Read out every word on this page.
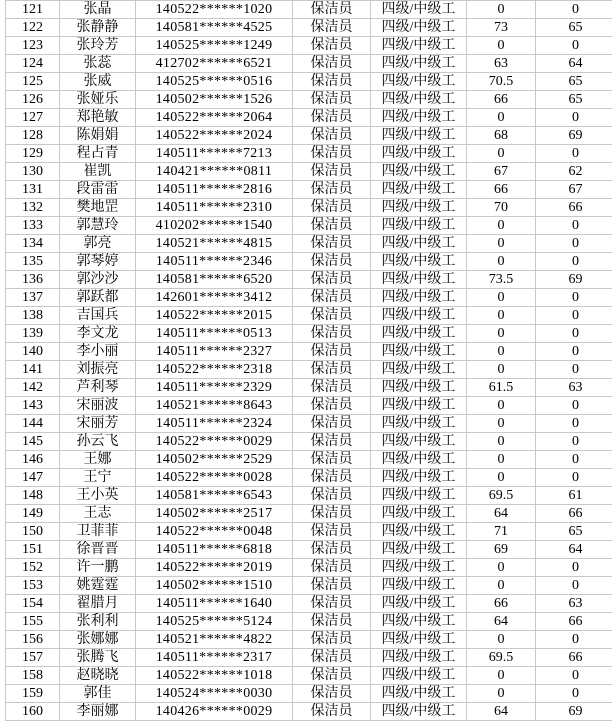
121	张晶	140522******1020	保洁员	四级/中级工	0	0
122	张静静	140581******4525	保洁员	四级/中级工	73	65
123	张玲芳	140525******1249	保洁员	四级/中级工	0	0
124	张蕊	412702******6521	保洁员	四级/中级工	63	64
125	张威	140525******0516	保洁员	四级/中级工	70.5	65
126	张娅乐	140502******1526	保洁员	四级/中级工	66	65
127	郑艳敏	140522******2064	保洁员	四级/中级工	0	0
128	陈娟娟	140522******2024	保洁员	四级/中级工	68	69
129	程占青	140511******7213	保洁员	四级/中级工	0	0
130	崔凯	140421******0811	保洁员	四级/中级工	67	62
131	段雷雷	140511******2816	保洁员	四级/中级工	66	67
132	樊地罡	140511******2310	保洁员	四级/中级工	70	66
133	郭慧玲	410202******1540	保洁员	四级/中级工	0	0
134	郭亮	140521******4815	保洁员	四级/中级工	0	0
135	郭琴婷	140511******2346	保洁员	四级/中级工	0	0
136	郭沙沙	140581******6520	保洁员	四级/中级工	73.5	69
137	郭跃都	142601******3412	保洁员	四级/中级工	0	0
138	吉国兵	140522******2015	保洁员	四级/中级工	0	0
139	李文龙	140511******0513	保洁员	四级/中级工	0	0
140	李小丽	140511******2327	保洁员	四级/中级工	0	0
141	刘振亮	140522******2318	保洁员	四级/中级工	0	0
142	芦利琴	140511******2329	保洁员	四级/中级工	61.5	63
143	宋丽波	140521******8643	保洁员	四级/中级工	0	0
144	宋丽芳	140511******2324	保洁员	四级/中级工	0	0
145	孙云飞	140522******0029	保洁员	四级/中级工	0	0
146	王娜	140502******2529	保洁员	四级/中级工	0	0
147	王宁	140522******0028	保洁员	四级/中级工	0	0
148	王小英	140581******6543	保洁员	四级/中级工	69.5	61
149	王志	140502******2517	保洁员	四级/中级工	64	66
150	卫菲菲	140522******0048	保洁员	四级/中级工	71	65
151	徐晋晋	140511******6818	保洁员	四级/中级工	69	64
152	许一鹏	140522******2019	保洁员	四级/中级工	0	0
153	姚霆霆	140502******1510	保洁员	四级/中级工	0	0
154	翟腊月	140511******1640	保洁员	四级/中级工	66	63
155	张利利	140525******5124	保洁员	四级/中级工	64	66
156	张娜娜	140521******4822	保洁员	四级/中级工	0	0
157	张腾飞	140511******2317	保洁员	四级/中级工	69.5	66
158	赵晓晓	140522******1018	保洁员	四级/中级工	0	0
159	郭佳	140524******0030	保洁员	四级/中级工	0	0
160	李丽娜	140426******0029	保洁员	四级/中级工	64	69
